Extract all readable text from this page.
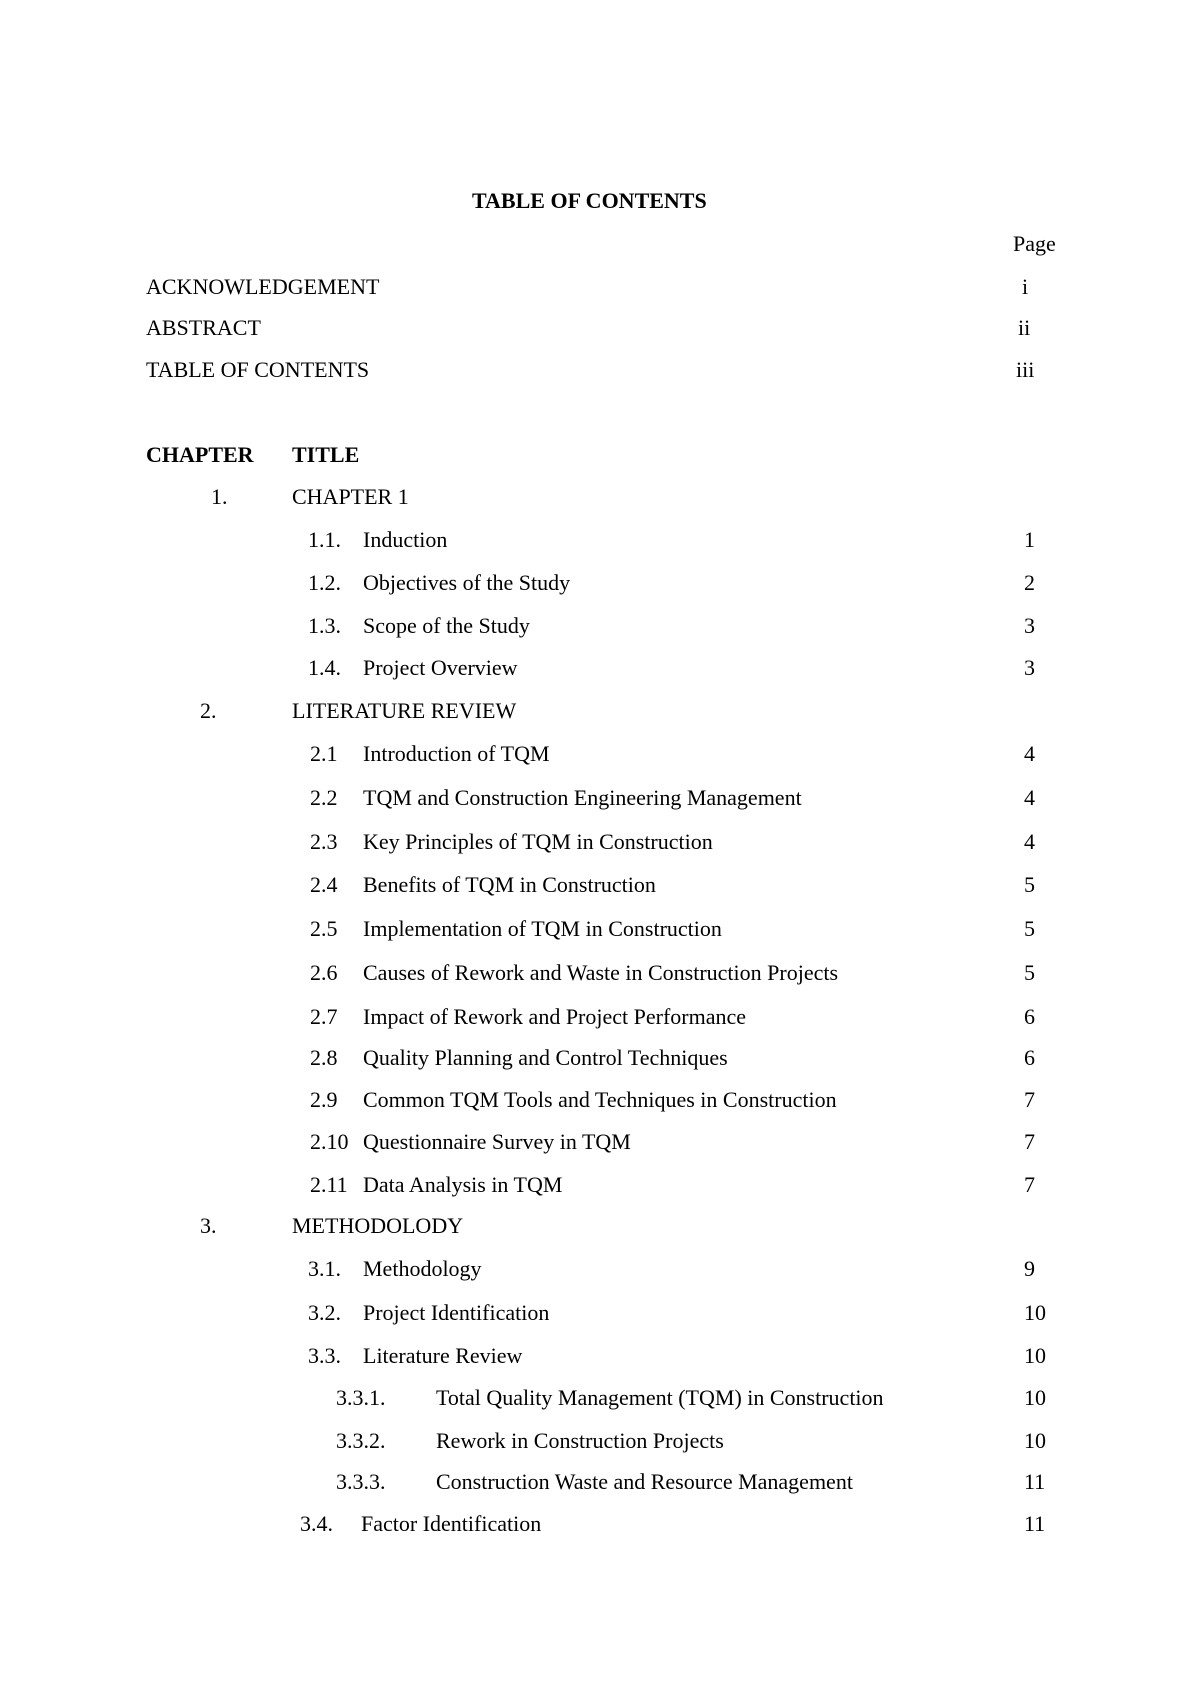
TABLE OF CONTENTS
Page
ACKNOWLEDGEMENT	i
ABSTRACT	ii
TABLE OF CONTENTS	iii
CHAPTER TITLE
1.	CHAPTER 1
1.1. Induction	1
1.2. Objectives of the Study	2
1.3. Scope of the Study	3
1.4. Project Overview	3
2.	LITERATURE REVIEW
2.1 Introduction of TQM	4
2.2 TQM and Construction Engineering Management	4
2.3 Key Principles of TQM in Construction	4
2.4 Benefits of TQM in Construction	5
2.5 Implementation of TQM in Construction	5
2.6 Causes of Rework and Waste in Construction Projects	5
2.7 Impact of Rework and Project Performance	6
2.8 Quality Planning and Control Techniques	6
2.9 Common TQM Tools and Techniques in Construction	7
2.10 Questionnaire Survey in TQM	7
2.11 Data Analysis in TQM	7
3.	METHODOLODY
3.1. Methodology	9
3.2. Project Identification	10
3.3. Literature Review	10
3.3.1. Total Quality Management (TQM) in Construction	10
3.3.2. Rework in Construction Projects	10
3.3.3. Construction Waste and Resource Management	11
3.4. Factor Identification	11
